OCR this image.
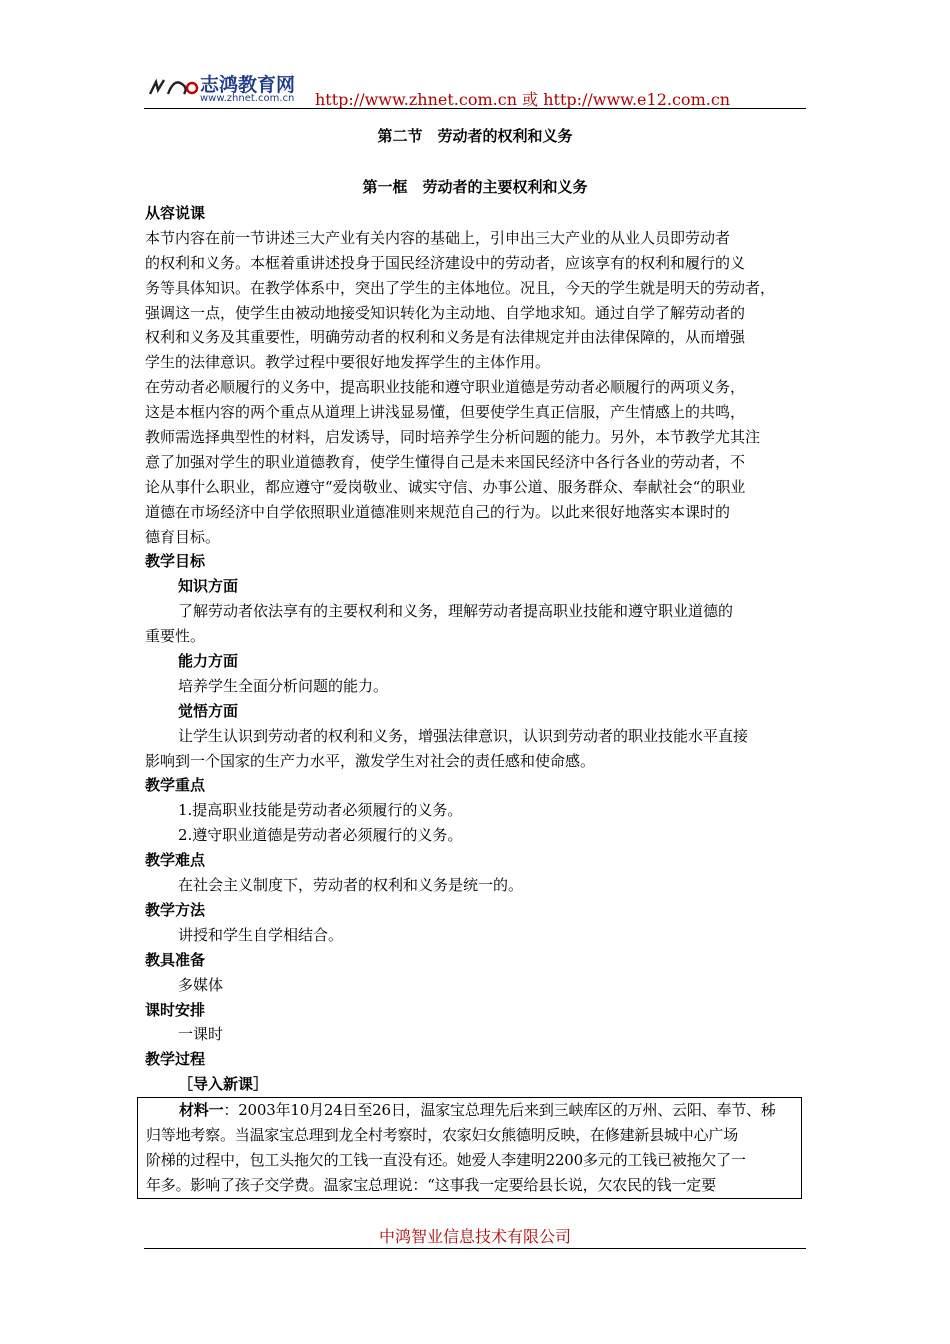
志鸿教育网
www.zhnet.com.cn http://www.zhnet.com.cn 或 http://www.e12.com.cn
第二节　劳动者的权利和义务
第一框　劳动者的主要权利和义务
从容说课
本节内容在前一节讲述三大产业有关内容的基础上，引申出三大产业的从业人员即劳动者
的权利和义务。本框着重讲述投身于国民经济建设中的劳动者，应该享有的权利和履行的义
务等具体知识。在教学体系中，突出了学生的主体地位。况且，今天的学生就是明天的劳动者，
强调这一点，使学生由被动地接受知识转化为主动地、自学地求知。通过自学了解劳动者的
权利和义务及其重要性，明确劳动者的权利和义务是有法律规定并由法律保障的，从而增强
学生的法律意识。教学过程中要很好地发挥学生的主体作用。
在劳动者必顺履行的义务中，提高职业技能和遵守职业道德是劳动者必顺履行的两项义务，
这是本框内容的两个重点从道理上讲浅显易懂，但要使学生真正信服，产生情感上的共鸣，
教师需选择典型性的材料，启发诱导，同时培养学生分析问题的能力。另外，本节教学尤其注
意了加强对学生的职业道德教育，使学生懂得自己是未来国民经济中各行各业的劳动者，不
论从事什么职业，都应遵守“爱岗敬业、诚实守信、办事公道、服务群众、奉献社会“的职业
道德在市场经济中自学依照职业道德准则来规范自己的行为。以此来很好地落实本课时的
德育目标。
教学目标
知识方面
了解劳动者依法享有的主要权利和义务，理解劳动者提高职业技能和遵守职业道德的
重要性。
能力方面
培养学生全面分析问题的能力。
觉悟方面
让学生认识到劳动者的权利和义务，增强法律意识，认识到劳动者的职业技能水平直接
影响到一个国家的生产力水平，激发学生对社会的责任感和使命感。
教学重点
1.提高职业技能是劳动者必须履行的义务。
2.遵守职业道德是劳动者必须履行的义务。
教学难点
在社会主义制度下，劳动者的权利和义务是统一的。
教学方法
讲授和学生自学相结合。
教具准备
多媒体
课时安排
一课时
教学过程
［导入新课］
材料一：2003年10月24日至26日，温家宝总理先后来到三峡库区的万州、云阳、奉节、秭
归等地考察。当温家宝总理到龙全村考察时，农家妇女熊德明反映，在修建新县城中心广场
阶梯的过程中，包工头拖欠的工钱一直没有还。她爱人李建明2200多元的工钱已被拖欠了一
年多。影响了孩子交学费。温家宝总理说：“这事我一定要给县长说，欠农民的钱一定要
中鸿智业信息技术有限公司
